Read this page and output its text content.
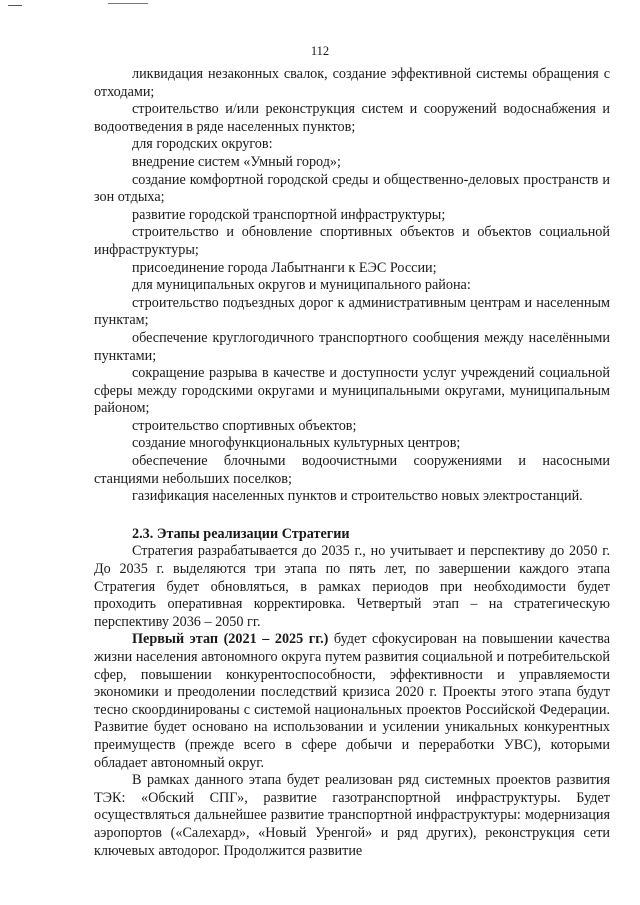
112

ликвидация незаконных свалок, создание эффективной системы обращения с отходами;

строительство и/или реконструкция систем и сооружений водоснабжения и водоотведения в ряде населенных пунктов;

для городских округов:

внедрение систем «Умный город»;

создание комфортной городской среды и общественно-деловых пространств и зон отдыха;

развитие городской транспортной инфраструктуры;

строительство и обновление спортивных объектов и объектов социальной инфраструктуры;

присоединение города Лабытнанги к ЕЭС России;

для муниципальных округов и муниципального района:

строительство подъездных дорог к административным центрам и населенным пунктам;

обеспечение круглогодичного транспортного сообщения между населёнными пунктами;

сокращение разрыва в качестве и доступности услуг учреждений социальной сферы между городскими округами и муниципальными округами, муниципальным районом;

строительство спортивных объектов;

создание многофункциональных культурных центров;

обеспечение блочными водоочистными сооружениями и насосными станциями небольших поселков;

газификация населенных пунктов и строительство новых электростанций.

2.3. Этапы реализации Стратегии

Стратегия разрабатывается до 2035 г., но учитывает и перспективу до 2050 г. До 2035 г. выделяются три этапа по пять лет, по завершении каждого этапа Стратегия будет обновляться, в рамках периодов при необходимости будет проходить оперативная корректировка. Четвертый этап – на стратегическую перспективу 2036 – 2050 гг.

Первый этап (2021 – 2025 гг.) будет сфокусирован на повышении качества жизни населения автономного округа путем развития социальной и потребительской сфер, повышении конкурентоспособности, эффективности и управляемости экономики и преодолении последствий кризиса 2020 г. Проекты этого этапа будут тесно скоординированы с системой национальных проектов Российской Федерации. Развитие будет основано на использовании и усилении уникальных конкурентных преимуществ (прежде всего в сфере добычи и переработки УВС), которыми обладает автономный округ.

В рамках данного этапа будет реализован ряд системных проектов развития ТЭК: «Обский СПГ», развитие газотранспортной инфраструктуры. Будет осуществляться дальнейшее развитие транспортной инфраструктуры: модернизация аэропортов («Салехард», «Новый Уренгой» и ряд других), реконструкция сети ключевых автодорог. Продолжится развитие
